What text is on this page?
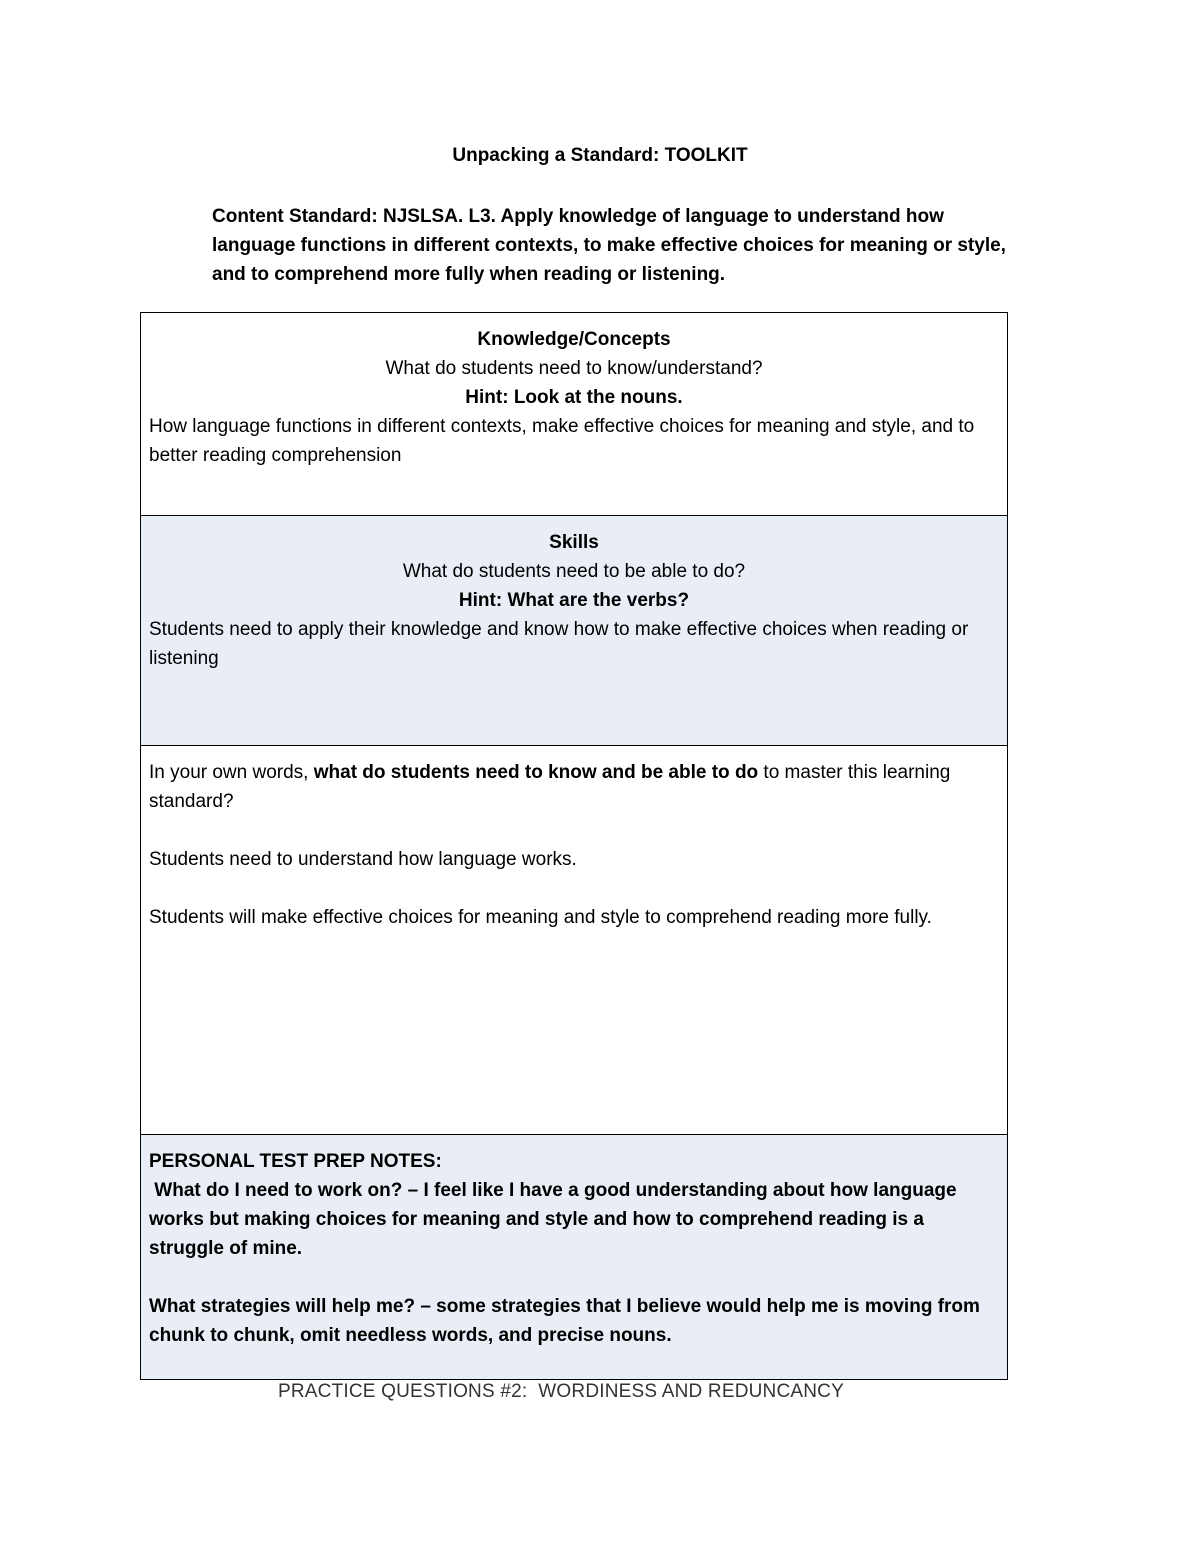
Unpacking a Standard: TOOLKIT
Content Standard: NJSLSA. L3. Apply knowledge of language to understand how language functions in different contexts, to make effective choices for meaning or style, and to comprehend more fully when reading or listening.
Knowledge/Concepts
What do students need to know/understand?
Hint: Look at the nouns.
How language functions in different contexts, make effective choices for meaning and style, and to better reading comprehension
Skills
What do students need to be able to do?
Hint: What are the verbs?
Students need to apply their knowledge and know how to make effective choices when reading or listening
In your own words, what do students need to know and be able to do to master this learning standard?
Students need to understand how language works.
Students will make effective choices for meaning and style to comprehend reading more fully.
PERSONAL TEST PREP NOTES:
What do I need to work on? – I feel like I have a good understanding about how language works but making choices for meaning and style and how to comprehend reading is a struggle of mine.
What strategies will help me? – some strategies that I believe would help me is moving from chunk to chunk, omit needless words, and precise nouns.
PRACTICE QUESTIONS #2:  WORDINESS AND REDUNCANCY
